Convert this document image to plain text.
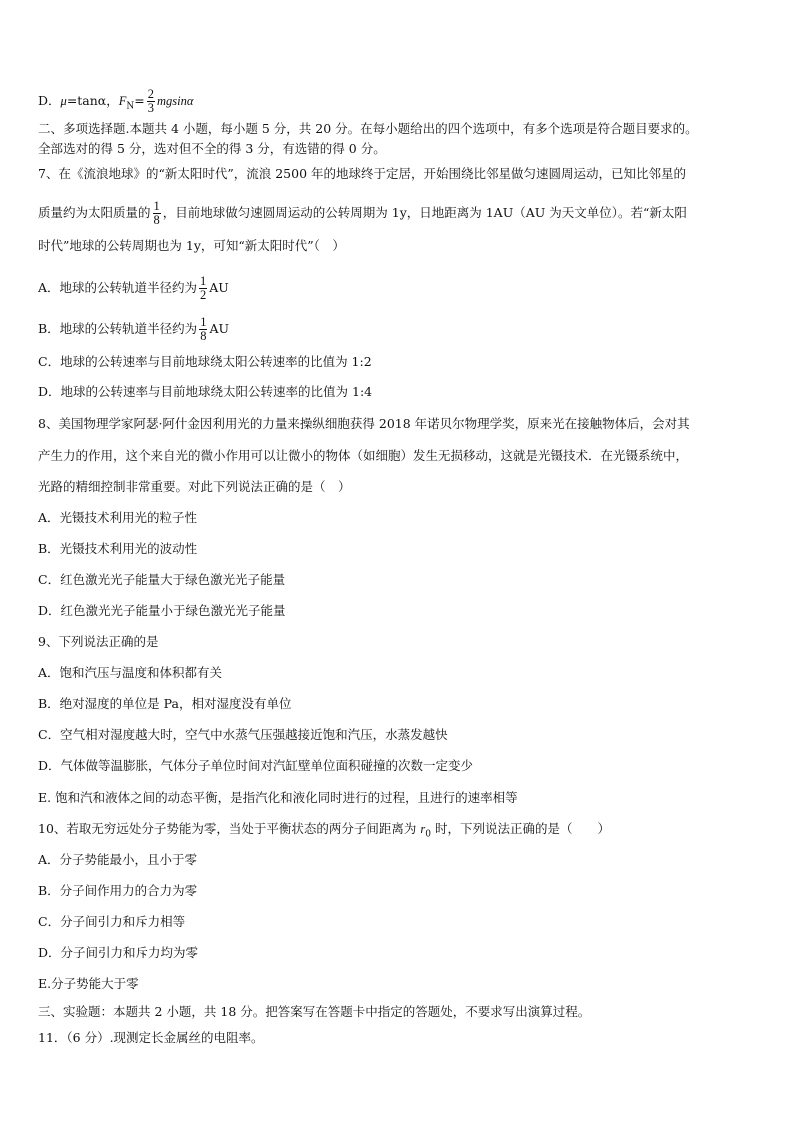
D．μ=tanα，$F_N= \frac{2}{3}$ mgsinα
二、多项选择题.本题共 4 小题，每小题 5 分，共 20 分。在每小题给出的四个选项中，有多个选项是符合题目要求的。
全部选对的得 5 分，选对但不全的得 3 分，有选错的得 0 分。
7、在《流浪地球》的“新太阳时代”，流浪 2500 年的地球终于定居，开始围绕比邻星做匀速圆周运动，已知比邻星的
质量约为太阳质量的 $\frac{1}{8}$ ，目前地球做匀速圆周运动的公转周期为 1y，日地距离为 1AU（AU 为天文单位）。若“新太阳
时代”地球的公转周期也为 1y，可知“新太阳时代”（　）
A．地球的公转轨道半径约为 $\frac{1}{2}$ AU
B．地球的公转轨道半径约为 $\frac{1}{8}$ AU
C．地球的公转速率与目前地球绕太阳公转速率的比值为 1:2
D．地球的公转速率与目前地球绕太阳公转速率的比值为 1:4
8、美国物理学家阿瑟·阿什金因利用光的力量来操纵细胞获得 2018 年诺贝尔物理学奖，原来光在接触物体后，会对其
产生力的作用，这个来自光的微小作用可以让微小的物体（如细胞）发生无损移动，这就是光镊技术．在光镊系统中，
光路的精细控制非常重要。对此下列说法正确的是（　）
A．光镊技术利用光的粒子性
B．光镊技术利用光的波动性
C．红色激光光子能量大于绿色激光光子能量
D．红色激光光子能量小于绿色激光光子能量
9、下列说法正确的是
A．饱和汽压与温度和体积都有关
B．绝对湿度的单位是 Pa，相对湿度没有单位
C．空气相对湿度越大时，空气中水蒸气压强越接近饱和汽压，水蒸发越快
D．气体做等温膨胀，气体分子单位时间对汽缸壁单位面积碰撞的次数一定变少
E. 饱和汽和液体之间的动态平衡，是指汽化和液化同时进行的过程，且进行的速率相等
10、若取无穷远处分子势能为零，当处于平衡状态的两分子间距离为 $r_0$ 时，下列说法正确的是（　　）
A．分子势能最小，且小于零
B．分子间作用力的合力为零
C．分子间引力和斥力相等
D．分子间引力和斥力均为零
E.分子势能大于零
三、实验题：本题共 2 小题，共 18 分。把答案写在答题卡中指定的答题处，不要求写出演算过程。
11．（6 分）.现测定长金属丝的电阻率。
